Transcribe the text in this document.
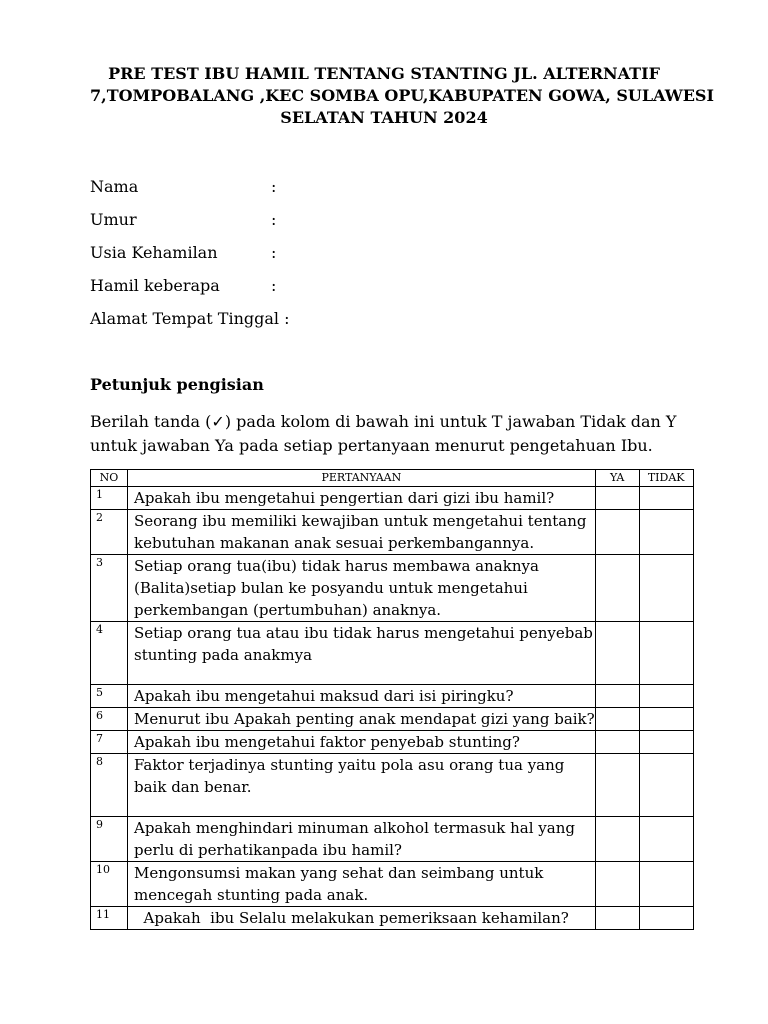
PRE TEST IBU HAMIL TENTANG STANTING JL. ALTERNATIF
7,TOMPOBALANG ,KEC SOMBA OPU,KABUPATEN GOWA, SULAWESI
SELATAN TAHUN 2024
Nama	:
Umur	:
Usia Kehamilan	:
Hamil keberapa	:
Alamat Tempat Tinggal :
Petunjuk pengisian
Berilah tanda (✓) pada kolom di bawah ini untuk T jawaban Tidak dan Y
untuk jawaban Ya pada setiap pertanyaan menurut pengetahuan Ibu.
NO	PERTANYAAN	YA	TIDAK
1	Apakah ibu mengetahui pengertian dari gizi ibu hamil?		

2	Seorang ibu memiliki kewajiban untuk mengetahui tentang
kebutuhan makanan anak sesuai perkembangannya.		

3	Setiap orang tua(ibu) tidak harus membawa anaknya
(Balita)setiap bulan ke posyandu untuk mengetahui
perkembangan (pertumbuhan) anaknya.		

4	Setiap orang tua atau ibu tidak harus mengetahui penyebab
stunting pada anakmya		

5	Apakah ibu mengetahui maksud dari isi piringku?		

6	Menurut ibu Apakah penting anak mendapat gizi yang baik?		

7	Apakah ibu mengetahui faktor penyebab stunting?		

8	Faktor terjadinya stunting yaitu pola asu orang tua yang
baik dan benar.		

9	Apakah menghindari minuman alkohol termasuk hal yang
perlu di perhatikanpada ibu hamil?		

10	Mengonsumsi makan yang sehat dan seimbang untuk
mencegah stunting pada anak.		

11	Apakah  ibu Selalu melakukan pemeriksaan kehamilan?		
